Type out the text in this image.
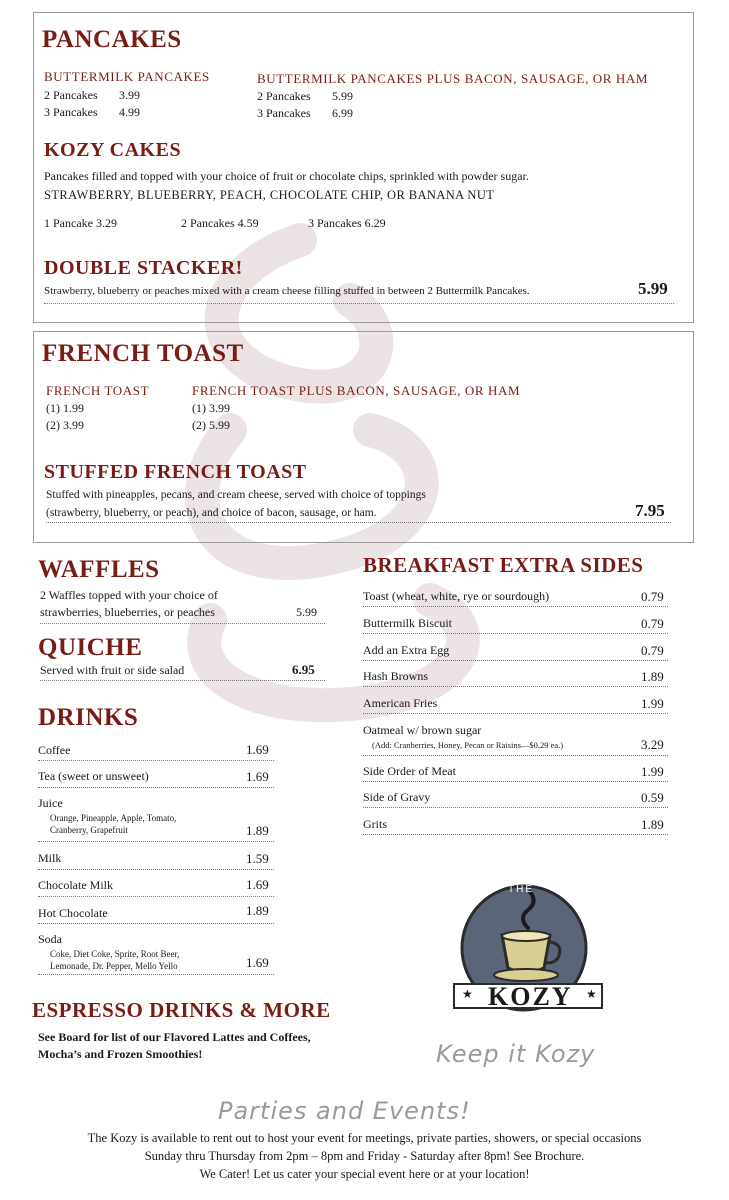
PANCAKES
BUTTERMILK PANCAKES
2 Pancakes 3.99
3 Pancakes 4.99
BUTTERMILK PANCAKES PLUS BACON, SAUSAGE, OR HAM
2 Pancakes 5.99
3 Pancakes 6.99
KOZY CAKES
Pancakes filled and topped with your choice of fruit or chocolate chips, sprinkled with powder sugar.
STRAWBERRY, BLUEBERRY, PEACH, CHOCOLATE CHIP, OR BANANA NUT
1 Pancake 3.29	2 Pancakes 4.59	3 Pancakes 6.29
DOUBLE STACKER!
Strawberry, blueberry or peaches mixed with a cream cheese filling stuffed in between 2 Buttermilk Pancakes.	5.99
FRENCH TOAST
FRENCH TOAST
(1) 1.99
(2) 3.99
FRENCH TOAST PLUS BACON, SAUSAGE, OR HAM
(1) 3.99
(2) 5.99
STUFFED FRENCH TOAST
Stuffed with pineapples, pecans, and cream cheese, served with choice of toppings
(strawberry, blueberry, or peach), and choice of bacon, sausage, or ham.	7.95
WAFFLES
2 Waffles topped with your choice of
strawberries, blueberries, or peaches	5.99
QUICHE
Served with fruit or side salad	6.95
DRINKS
Coffee	1.69
Tea (sweet or unsweet)	1.69
Juice
Orange, Pineapple, Apple, Tomato,
Cranberry, Grapefruit	1.89
Milk	1.59
Chocolate Milk	1.69
Hot Chocolate	1.89
Soda
Coke, Diet Coke, Sprite, Root Beer,
Lemonade, Dr. Pepper, Mello Yello	1.69
BREAKFAST EXTRA SIDES
Toast (wheat, white, rye or sourdough)	0.79
Buttermilk Biscuit	0.79
Add an Extra Egg	0.79
Hash Browns	1.89
American Fries	1.99
Oatmeal w/ brown sugar
(Add: Cranberries, Honey, Pecan or Raisins—$0.29 ea.)	3.29
Side Order of Meat	1.99
Side of Gravy	0.59
Grits	1.89
ESPRESSO DRINKS & MORE
See Board for list of our Flavored Lattes and Coffees,
Mocha’s and Frozen Smoothies!
THE
★ KOZY ★
Keep it Kozy
Parties and Events!
The Kozy is available to rent out to host your event for meetings, private parties, showers, or special occasions
Sunday thru Thursday from 2pm – 8pm and Friday - Saturday after 8pm! See Brochure.
We Cater! Let us cater your special event here or at your location!
